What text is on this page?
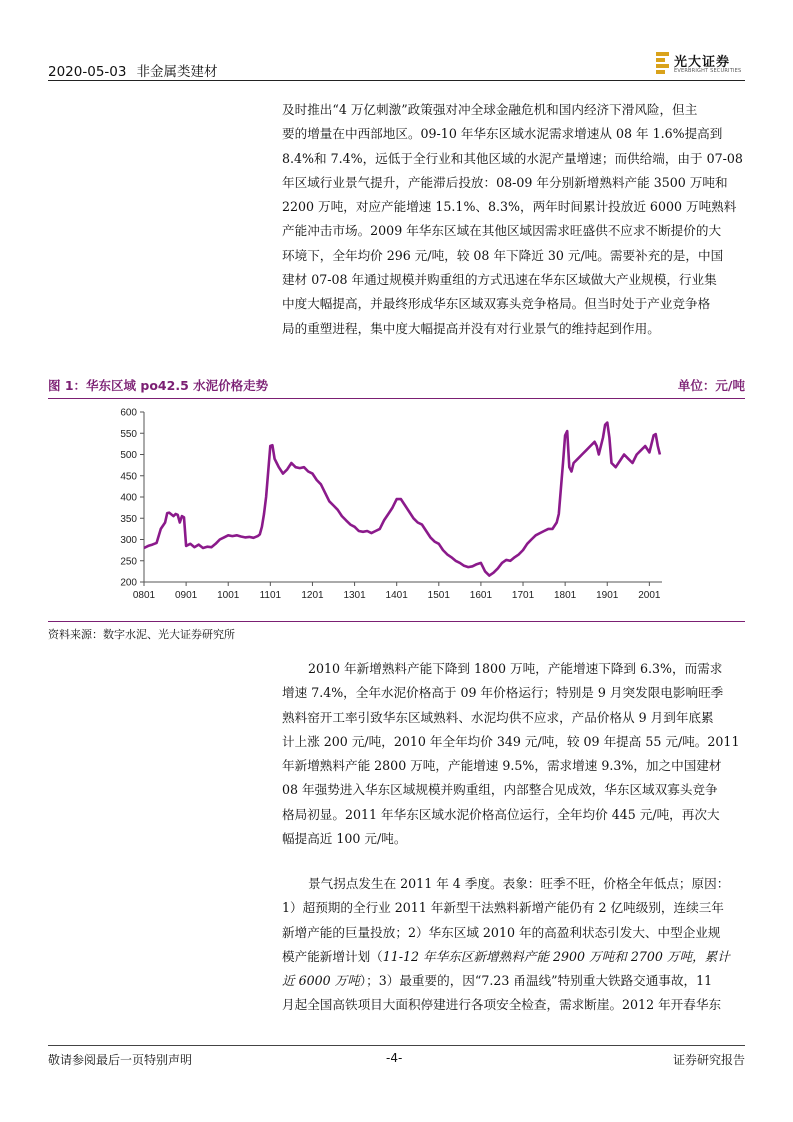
2020-05-03 非金属类建材
光大证券
EVERBRIGHT SECURITIES
及时推出“4 万亿刺激”政策强对冲全球金融危机和国内经济下滑风险，但主
要的增量在中西部地区。09-10 年华东区域水泥需求增速从 08 年 1.6%提高到
8.4%和 7.4%，远低于全行业和其他区域的水泥产量增速；而供给端，由于 07-08
年区域行业景气提升，产能滞后投放：08-09 年分别新增熟料产能 3500 万吨和
2200 万吨，对应产能增速 15.1%、8.3%，两年时间累计投放近 6000 万吨熟料
产能冲击市场。2009 年华东区域在其他区域因需求旺盛供不应求不断提价的大
环境下，全年均价 296 元/吨，较 08 年下降近 30 元/吨。需要补充的是，中国
建材 07-08 年通过规模并购重组的方式迅速在华东区域做大产业规模，行业集
中度大幅提高，并最终形成华东区域双寡头竞争格局。但当时处于产业竞争格
局的重塑进程，集中度大幅提高并没有对行业景气的维持起到作用。
图 1：华东区域 po42.5 水泥价格走势	单位：元/吨
200
250
300
350
400
450
500
550
600
0801 0901 1001 1101 1201 1301 1401 1501 1601 1701 1801 1901 2001
资料来源：数字水泥、光大证券研究所
2010 年新增熟料产能下降到 1800 万吨，产能增速下降到 6.3%，而需求
增速 7.4%，全年水泥价格高于 09 年价格运行；特别是 9 月突发限电影响旺季
熟料窑开工率引致华东区域熟料、水泥均供不应求，产品价格从 9 月到年底累
计上涨 200 元/吨，2010 年全年均价 349 元/吨，较 09 年提高 55 元/吨。2011
年新增熟料产能 2800 万吨，产能增速 9.5%，需求增速 9.3%，加之中国建材
08 年强势进入华东区域规模并购重组，内部整合见成效，华东区域双寡头竞争
格局初显。2011 年华东区域水泥价格高位运行，全年均价 445 元/吨，再次大
幅提高近 100 元/吨。
景气拐点发生在 2011 年 4 季度。表象：旺季不旺，价格全年低点；原因：
1）超预期的全行业 2011 年新型干法熟料新增产能仍有 2 亿吨级别，连续三年
新增产能的巨量投放；2）华东区域 2010 年的高盈利状态引发大、中型企业规
模产能新增计划（11-12 年华东区新增熟料产能 2900 万吨和 2700 万吨，累计
近 6000 万吨）；3）最重要的，因“7.23 甬温线”特别重大铁路交通事故，11
月起全国高铁项目大面积停建进行各项安全检查，需求断崖。2012 年开春华东
敬请参阅最后一页特别声明	-4-	证券研究报告
